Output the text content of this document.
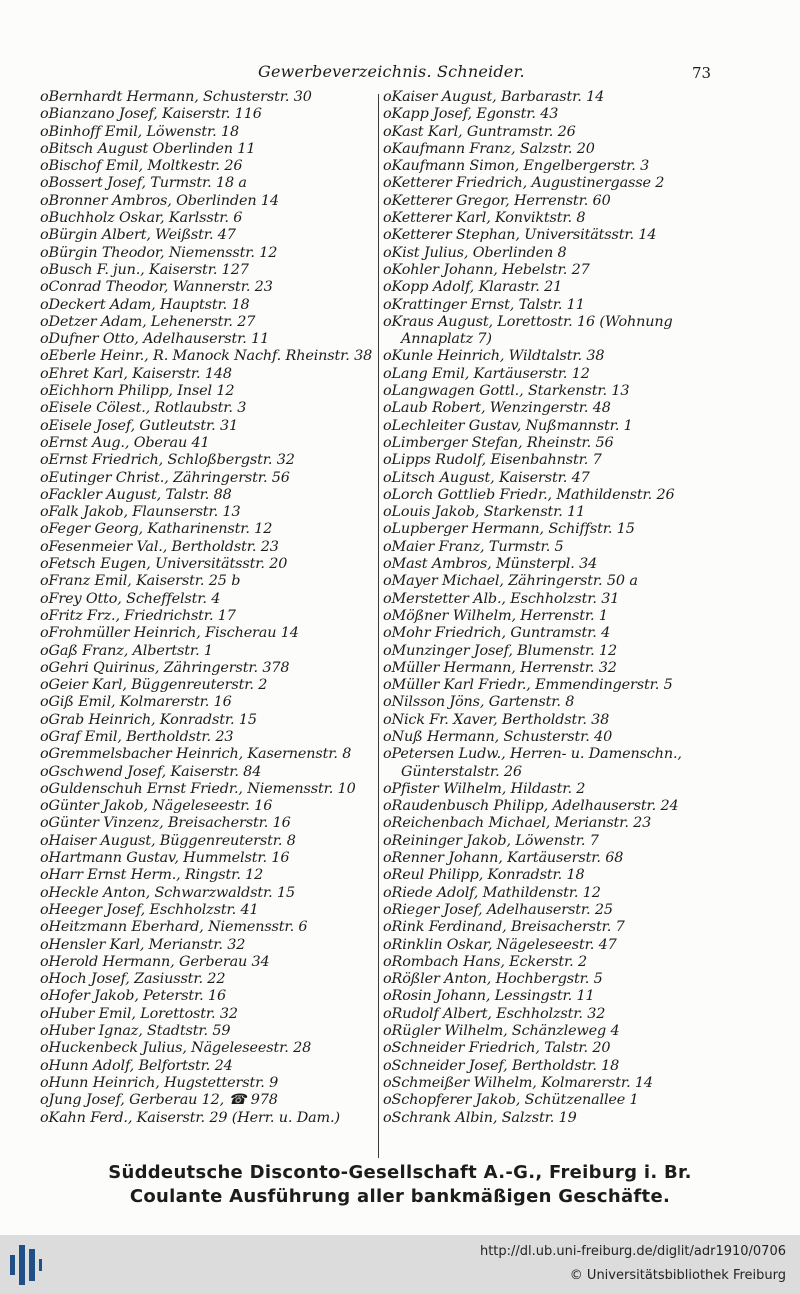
Gewerbeverzeichnis. Schneider.	73
oBernhardt Hermann, Schusterstr. 30
oBianzano Josef, Kaiserstr. 116
oBinhoff Emil, Löwenstr. 18
oBitsch August Oberlinden 11
oBischof Emil, Moltkestr. 26
oBossert Josef, Turmstr. 18 a
oBronner Ambros, Oberlinden 14
oBuchholz Oskar, Karlsstr. 6
oBürgin Albert, Weißstr. 47
oBürgin Theodor, Niemensstr. 12
oBusch F. jun., Kaiserstr. 127
oConrad Theodor, Wannerstr. 23
oDeckert Adam, Hauptstr. 18
oDetzer Adam, Lehenerstr. 27
oDufner Otto, Adelhauserstr. 11
oEberle Heinr., R. Manock Nachf. Rheinstr. 38
oEhret Karl, Kaiserstr. 148
oEichhorn Philipp, Insel 12
oEisele Cölest., Rotlaubstr. 3
oEisele Josef, Gutleutstr. 31
oErnst Aug., Oberau 41
oErnst Friedrich, Schloßbergstr. 32
oEutinger Christ., Zähringerstr. 56
oFackler August, Talstr. 88
oFalk Jakob, Flaunserstr. 13
oFeger Georg, Katharinenstr. 12
oFesenmeier Val., Bertholdstr. 23
oFetsch Eugen, Universitätsstr. 20
oFranz Emil, Kaiserstr. 25 b
oFrey Otto, Scheffelstr. 4
oFritz Frz., Friedrichstr. 17
oFrohmüller Heinrich, Fischerau 14
oGaß Franz, Albertstr. 1
oGehri Quirinus, Zähringerstr. 378
oGeier Karl, Büggenreuterstr. 2
oGiß Emil, Kolmarerstr. 16
oGrab Heinrich, Konradstr. 15
oGraf Emil, Bertholdstr. 23
oGremmelsbacher Heinrich, Kasernenstr. 8
oGschwend Josef, Kaiserstr. 84
oGuldenschuh Ernst Friedr., Niemensstr. 10
oGünter Jakob, Nägeleseestr. 16
oGünter Vinzenz, Breisacherstr. 16
oHaiser August, Büggenreuterstr. 8
oHartmann Gustav, Hummelstr. 16
oHarr Ernst Herm., Ringstr. 12
oHeckle Anton, Schwarzwaldstr. 15
oHeeger Josef, Eschholzstr. 41
oHeitzmann Eberhard, Niemensstr. 6
oHensler Karl, Merianstr. 32
oHerold Hermann, Gerberau 34
oHoch Josef, Zasiusstr. 22
oHofer Jakob, Peterstr. 16
oHuber Emil, Lorettostr. 32
oHuber Ignaz, Stadtstr. 59
oHuckenbeck Julius, Nägeleseestr. 28
oHunn Adolf, Belfortstr. 24
oHunn Heinrich, Hugstetterstr. 9
oJung Josef, Gerberau 12, ☎ 978
oKahn Ferd., Kaiserstr. 29 (Herr. u. Dam.)
oKaiser August, Barbarastr. 14
oKapp Josef, Egonstr. 43
oKast Karl, Guntramstr. 26
oKaufmann Franz, Salzstr. 20
oKaufmann Simon, Engelbergerstr. 3
oKetterer Friedrich, Augustinergasse 2
oKetterer Gregor, Herrenstr. 60
oKetterer Karl, Konviktstr. 8
oKetterer Stephan, Universitätsstr. 14
oKist Julius, Oberlinden 8
oKohler Johann, Hebelstr. 27
oKopp Adolf, Klarastr. 21
oKrattinger Ernst, Talstr. 11
oKraus August, Lorettostr. 16 (Wohnung
Annaplatz 7)
oKunle Heinrich, Wildtalstr. 38
oLang Emil, Kartäuserstr. 12
oLangwagen Gottl., Starkenstr. 13
oLaub Robert, Wenzingerstr. 48
oLechleiter Gustav, Nußmannstr. 1
oLimberger Stefan, Rheinstr. 56
oLipps Rudolf, Eisenbahnstr. 7
oLitsch August, Kaiserstr. 47
oLorch Gottlieb Friedr., Mathildenstr. 26
oLouis Jakob, Starkenstr. 11
oLupberger Hermann, Schiffstr. 15
oMaier Franz, Turmstr. 5
oMast Ambros, Münsterpl. 34
oMayer Michael, Zähringerstr. 50 a
oMerstetter Alb., Eschholzstr. 31
oMößner Wilhelm, Herrenstr. 1
oMohr Friedrich, Guntramstr. 4
oMunzinger Josef, Blumenstr. 12
oMüller Hermann, Herrenstr. 32
oMüller Karl Friedr., Emmendingerstr. 5
oNilsson Jöns, Gartenstr. 8
oNick Fr. Xaver, Bertholdstr. 38
oNuß Hermann, Schusterstr. 40
oPetersen Ludw., Herren- u. Damenschn.,
Günterstalstr. 26
oPfister Wilhelm, Hildastr. 2
oRaudenbusch Philipp, Adelhauserstr. 24
oReichenbach Michael, Merianstr. 23
oReininger Jakob, Löwenstr. 7
oRenner Johann, Kartäuserstr. 68
oReul Philipp, Konradstr. 18
oRiede Adolf, Mathildenstr. 12
oRieger Josef, Adelhauserstr. 25
oRink Ferdinand, Breisacherstr. 7
oRinklin Oskar, Nägeleseestr. 47
oRombach Hans, Eckerstr. 2
oRößler Anton, Hochbergstr. 5
oRosin Johann, Lessingstr. 11
oRudolf Albert, Eschholzstr. 32
oRügler Wilhelm, Schänzleweg 4
oSchneider Friedrich, Talstr. 20
oSchneider Josef, Bertholdstr. 18
oSchmeißer Wilhelm, Kolmarerstr. 14
oSchopferer Jakob, Schützenallee 1
oSchrank Albin, Salzstr. 19
Süddeutsche Disconto-Gesellschaft A.-G., Freiburg i. Br.
Coulante Ausführung aller bankmäßigen Geschäfte.
http://dl.ub.uni-freiburg.de/diglit/adr1910/0706
© Universitätsbibliothek Freiburg
